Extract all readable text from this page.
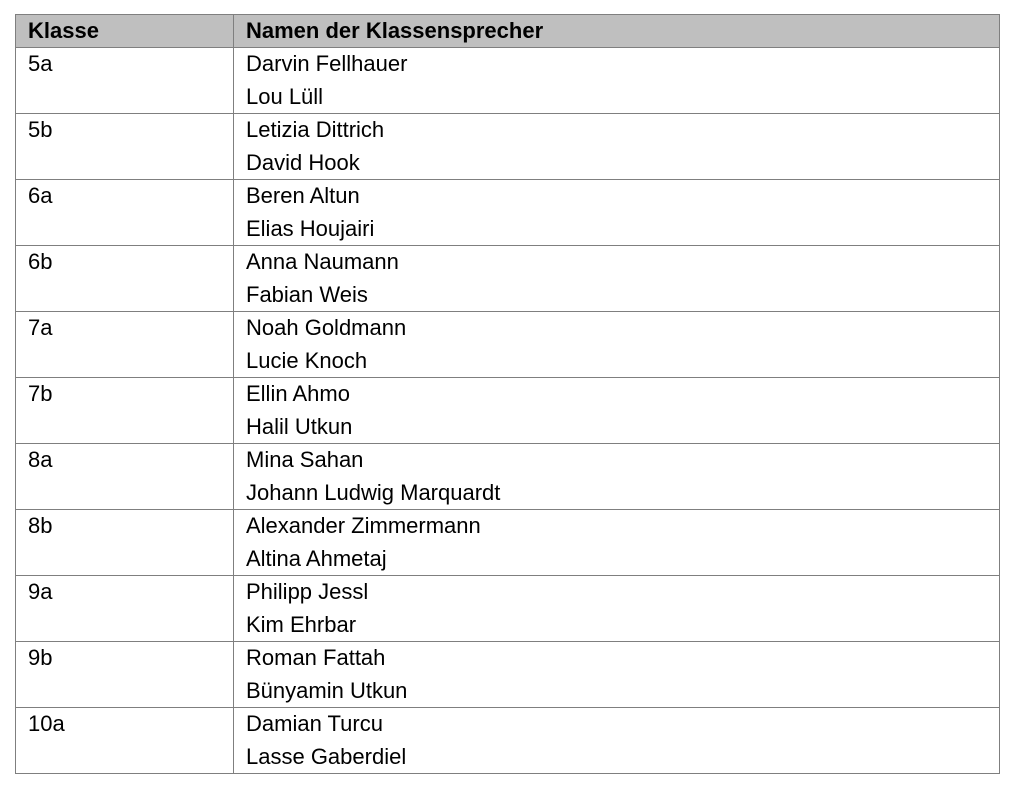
Klasse	Namen der Klassensprecher
5a	Darvin Fellhauer
Lou Lüll

5b	Letizia Dittrich
David Hook

6a	Beren Altun
Elias Houjairi

6b	Anna Naumann
Fabian Weis

7a	Noah Goldmann
Lucie Knoch

7b	Ellin Ahmo
Halil Utkun

8a	Mina Sahan
Johann Ludwig Marquardt

8b	Alexander Zimmermann
Altina Ahmetaj

9a	Philipp Jessl
Kim Ehrbar

9b	Roman Fattah
Bünyamin Utkun

10a	Damian Turcu
Lasse Gaberdiel
